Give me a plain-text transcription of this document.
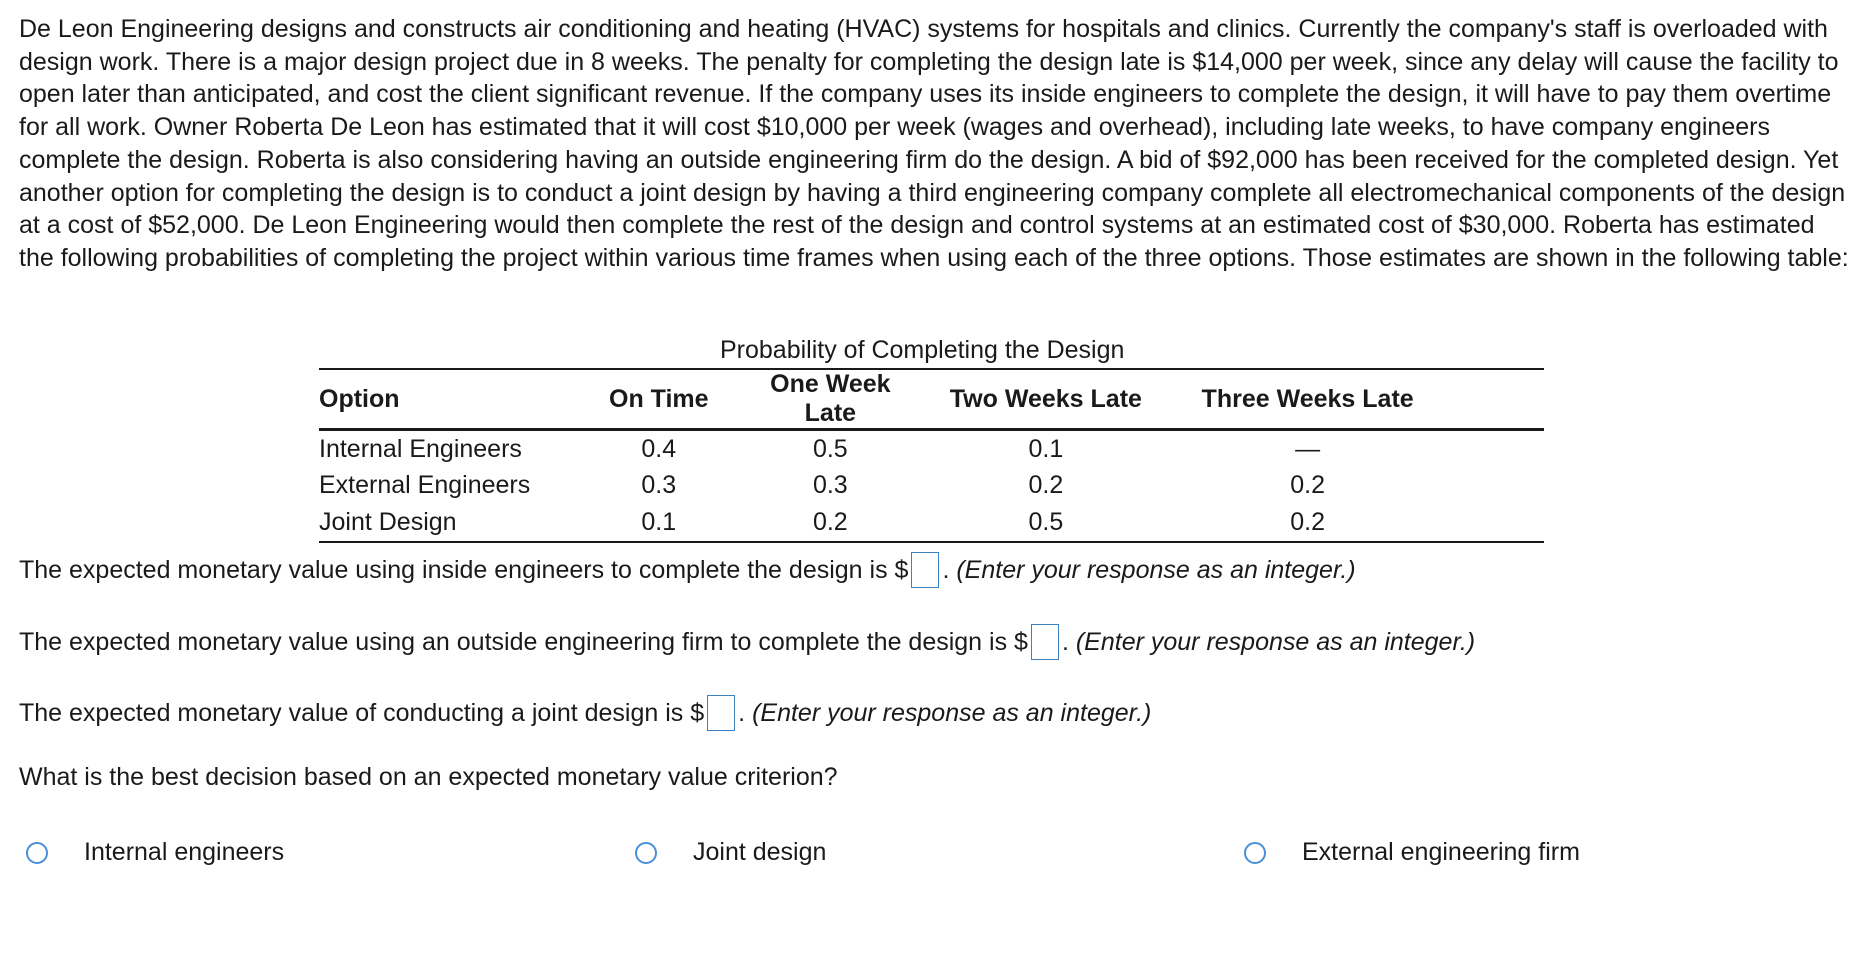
De Leon Engineering designs and constructs air conditioning and heating (HVAC) systems for hospitals and clinics. Currently the company's staff is overloaded with design work. There is a major design project due in 8 weeks. The penalty for completing the design late is $14,000 per week, since any delay will cause the facility to open later than anticipated, and cost the client significant revenue. If the company uses its inside engineers to complete the design, it will have to pay them overtime for all work. Owner Roberta De Leon has estimated that it will cost $10,000 per week (wages and overhead), including late weeks, to have company engineers complete the design. Roberta is also considering having an outside engineering firm do the design. A bid of $92,000 has been received for the completed design. Yet another option for completing the design is to conduct a joint design by having a third engineering company complete all electromechanical components of the design at a cost of $52,000. De Leon Engineering would then complete the rest of the design and control systems at an estimated cost of $30,000. Roberta has estimated the following probabilities of completing the project within various time frames when using each of the three options. Those estimates are shown in the following table:

Probability of Completing the Design
Option	On Time	One Week Late	Two Weeks Late	Three Weeks Late	
Internal Engineers	0.4	0.5	0.1	—	
External Engineers	0.3	0.3	0.2	0.2	
Joint Design	0.1	0.2	0.5	0.2	
The expected monetary value using inside engineers to complete the design is $ .
(Enter your response as an integer.)
The expected monetary value using an outside engineering firm to complete the design is $ .
(Enter your response as an integer.)
The expected monetary value of conducting a joint design is $ .
(Enter your response as an integer.)
What is the best decision based on an expected monetary value criterion?
Internal engineers	Joint design	External engineering firm
